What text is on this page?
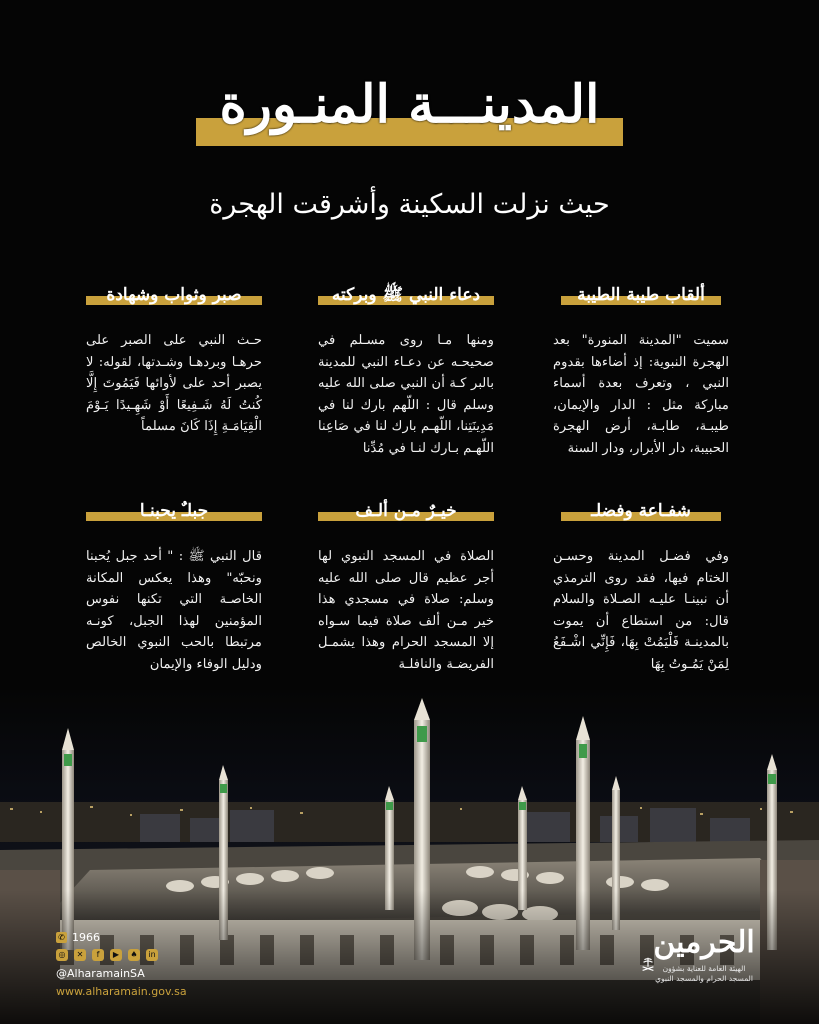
المدينـــة المنـورة
حيث نزلت السكينة وأشرقت الهجرة
ألقاب طيبة الطيبة
سميت "المدينة المنورة" بعد الهجرة النبوية: إذ أضاءها بقدوم النبي ، وتعرف بعدة أسماء مباركة مثل : الدار والإيمان، طيبـة، طابـة، أرض الهجرة الحبيبة، دار الأبرار، ودار السنة
دعاء النبي ﷺ وبركته
ومنها مـا روى مسـلم في صحيحـه عن دعـاء النبي للمدينة بالبر كـة أن النبي صلى الله عليه وسلم قال : اللّهم بارك لنا في مَدِينَتِنا، اللّهـم بارك لنا في صَاعِنا اللّهـم بـارك لنـا في مُدِّنا
صبر وثواب وشهادة
حـث النبي على الصبر على حرهـا وبردهـا وشـدتها، لقوله: لا يصبر أحد على لأوائها فَيَمُوتَ إِلَّا كُنتُ لَهُ شَـفِيعًا أَوْ شَهِـيدًا يَـوْمَ الْقِيَامَـةِ إِذَا كَانَ مسلماً
شفـاعة وفضلـ
وفي فضـل المدينة وحسـن الختام فيها، فقد روى الترمذي أن نبينـا عليـه الصـلاة والسلام قال: من استطاع أن يموت بالمدينـة فَلْيَمُتْ بِهَا، فَإِنِّي اشْـفَعُ لِمَنْ يَمُـوتُ بِهَا
خيـرٌ مـن ألـف
الصلاة في المسجد النبوي لها أجر عظيم قال صلى الله عليه وسلم: صلاة في مسجدي هذا خير مـن ألف صلاة فيما سـواه إلا المسجد الحرام وهذا يشمـل الفريضـة والنافلـة
جبلـٌ يحبنـا
قال النبي ﷺ : " أحد جبل يُحبنا ونحبّه" وهذا يعكس المكانة الخاصـة التي تكنها نفوس المؤمنين لهذا الجبل، كونـه مرتبطا بالحب النبوي الخالص ودليل الوفاء والإيمان
✆ 1966
◎	✕	f	▶	♠	in
@AlharamainSA
www.alharamain.gov.sa
الحرمين
الهيئة العامة للعناية بشؤون
المسجد الحرام والمسجد النبوي
